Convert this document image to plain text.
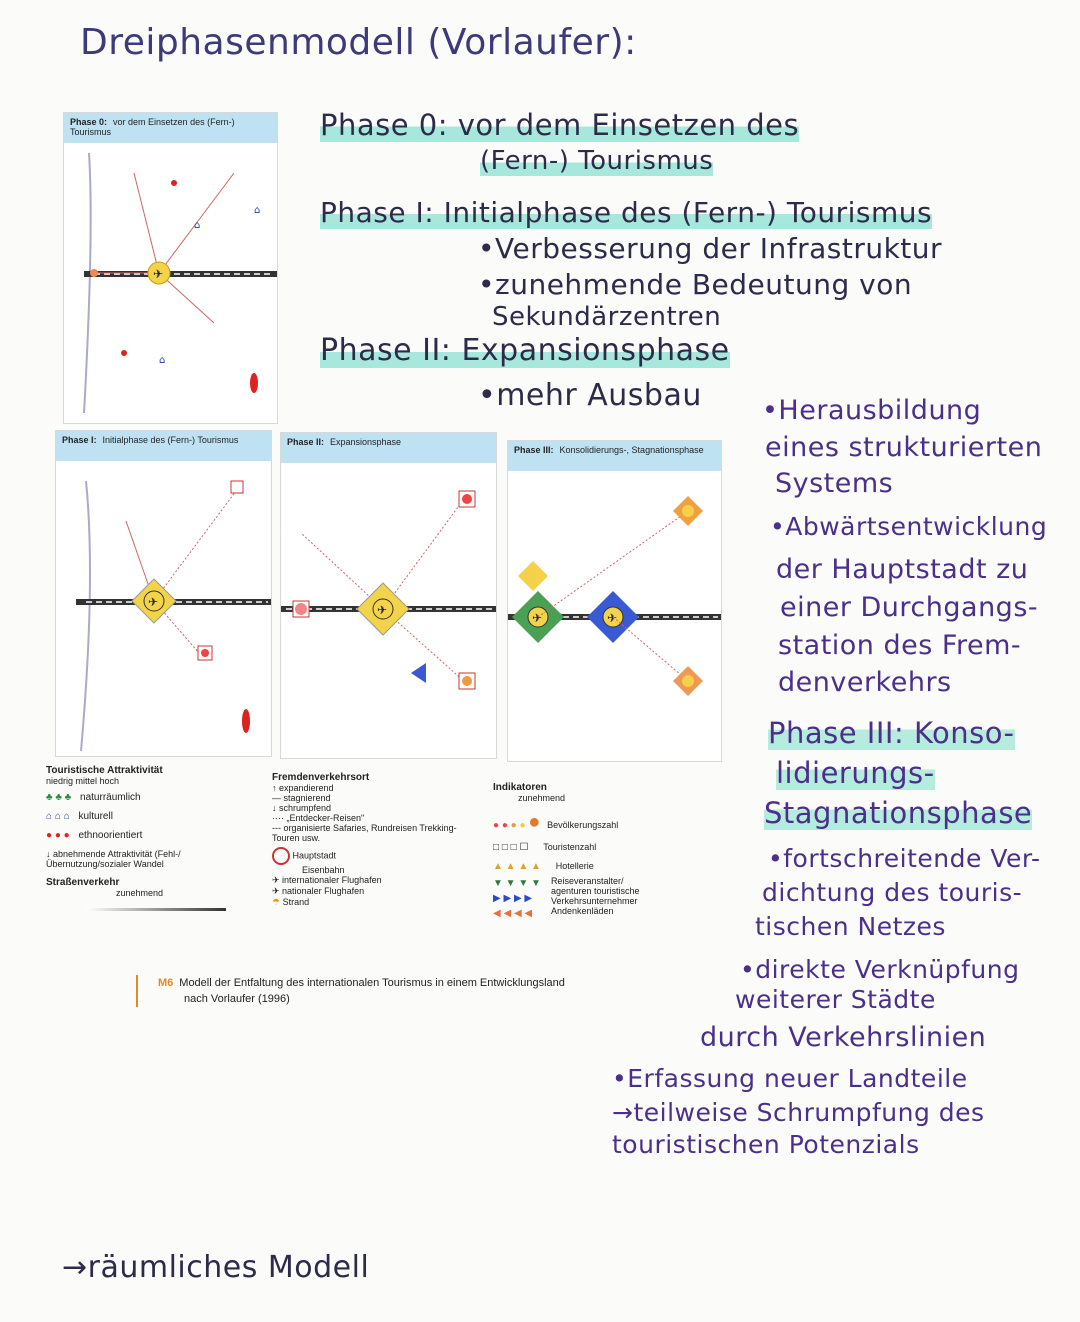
Dreiphasenmodell (Vorlaufer):
Phase 0: vor dem Einsetzen des (Fern-) Tourismus
✈
⌂
⌂
⌂
Phase I: Initialphase des (Fern-) Tourismus
✈
Phase II: Expansionsphase
✈
Phase III: Konsolidierungs-, Stagnationsphase
✈	✈
Touristische Attraktivität
niedrig mittel hoch
♣ ♣ ♣ naturräumlich
⌂ ⌂ ⌂ kulturell
● ● ● ethnoorientiert
↓ abnehmende Attraktivität (Fehl-/Übernutzung/sozialer Wandel
Straßenverkehr
zunehmend
Fremdenverkehrsort
↑ expandierend
— stagnierend
↓ schrumpfend
···· „Entdecker-Reisen"
--- organisierte Safaries, Rundreisen Trekking-Touren usw.
Hauptstadt
Eisenbahn
✈ internationaler Flughafen
✈ nationaler Flughafen
☂ Strand
Indikatoren
zunehmend
● ● ● ● ● Bevölkerungszahl
□ □ □ ☐ Touristenzahl
▲ ▲ ▲ ▲ Hotellerie
▼ ▼ ▼ ▼
▶ ▶ ▶ ▶
◀ ◀ ◀ ◀
Reiseveranstalter/ agenturen touristische Verkehrsunternehmer Andenkenläden
M6 Modell der Entfaltung des internationalen Tourismus in einem Entwicklungsland
nach Vorlaufer (1996)
Phase 0: vor dem Einsetzen des
(Fern-) Tourismus
Phase I: Initialphase des (Fern-) Tourismus
•Verbesserung der Infrastruktur
•zunehmende Bedeutung von
Sekundärzentren
Phase II: Expansionsphase
•mehr Ausbau •Herausbildung
eines strukturierten
Systems
•Abwärtsentwicklung
der Hauptstadt zu
einer Durchgangs-
station des Frem-
denverkehrs
Phase III: Konso-
lidierungs-
Stagnationsphase
•fortschreitende Ver-
dichtung des touris-
tischen Netzes
•direkte Verknüpfung
weiterer Städte
durch Verkehrslinien
•Erfassung neuer Landteile
→teilweise Schrumpfung des
touristischen Potenzials
→räumliches Modell
